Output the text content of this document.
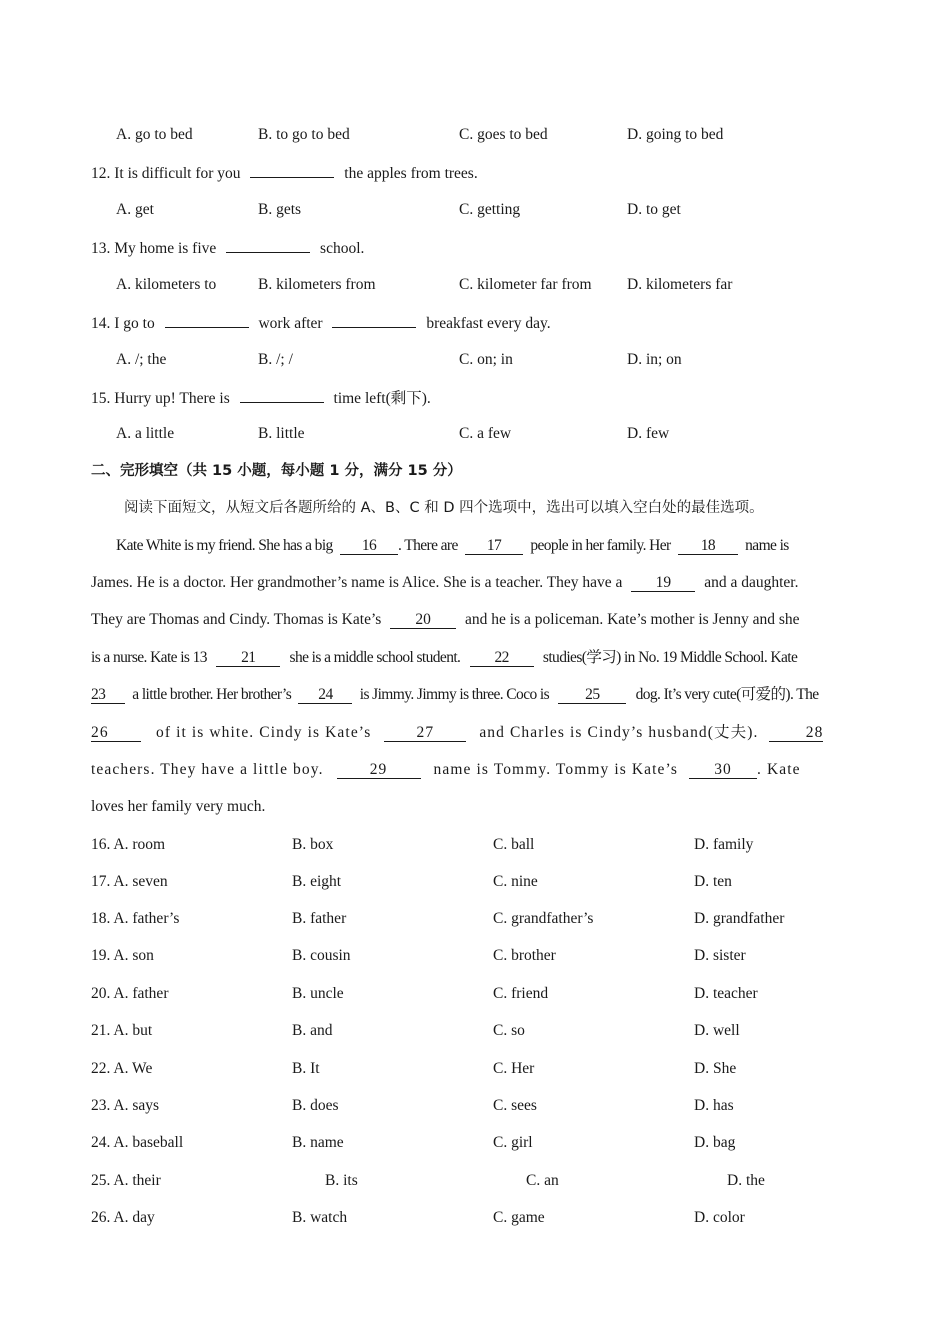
A. go to bed	B. to go to bed	C. goes to bed	D. going to bed
12. It is difficult for you	the apples from trees.
A. get	B. gets	C. getting	D. to get
13. My home is five	school.
A. kilometers to	B. kilometers from	C. kilometer far from D. kilometers far
14. I go to	work after	breakfast every day.
A. /; the	B. /; /	C. on; in	D. in; on
15. Hurry up! There is	time left(剩下).
A. a little	B. little	C. a few	D. few
二、完形填空（共 15 小题，每小题 1 分，满分 15 分）
阅读下面短文，从短文后各题所给的 A、B、C 和 D 四个选项中，选出可以填入空白处的最佳选项。
Kate White is my friend. She has a big 16 . There are 17 people in her family. Her 18 name is
James. He is a doctor. Her grandmother’s name is Alice. She is a teacher. They have a 19 and a daughter.
They are Thomas and Cindy. Thomas is Kate’s 20 and he is a policeman. Kate’s mother is Jenny and she
is a nurse. Kate is 13 21 she is a middle school student. 22 studies(学习) in No. 19 Middle School. Kate
23 a little brother. Her brother’s 24 is Jimmy. Jimmy is three. Coco is 25 dog. It’s very cute(可爱的). The
26	of it is white. Cindy is Kate’s	27	and Charles is Cindy’s husband(丈夫).	28
teachers. They have a little boy.	29	name is Tommy. Tommy is Kate’s 30 . Kate
loves her family very much.
16. A. room	B. box	C. ball	D. family
17. A. seven	B. eight	C. nine	D. ten
18. A. father’s	B. father	C. grandfather’s	D. grandfather
19. A. son	B. cousin	C. brother	D. sister
20. A. father	B. uncle	C. friend	D. teacher
21. A. but	B. and	C. so	D. well
22. A. We	B. It	C. Her	D. She
23. A. says	B. does	C. sees	D. has
24. A. baseball	B. name	C. girl	D. bag
25. A. their	B. its	C. an	D. the
26. A. day	B. watch	C. game	D. color
